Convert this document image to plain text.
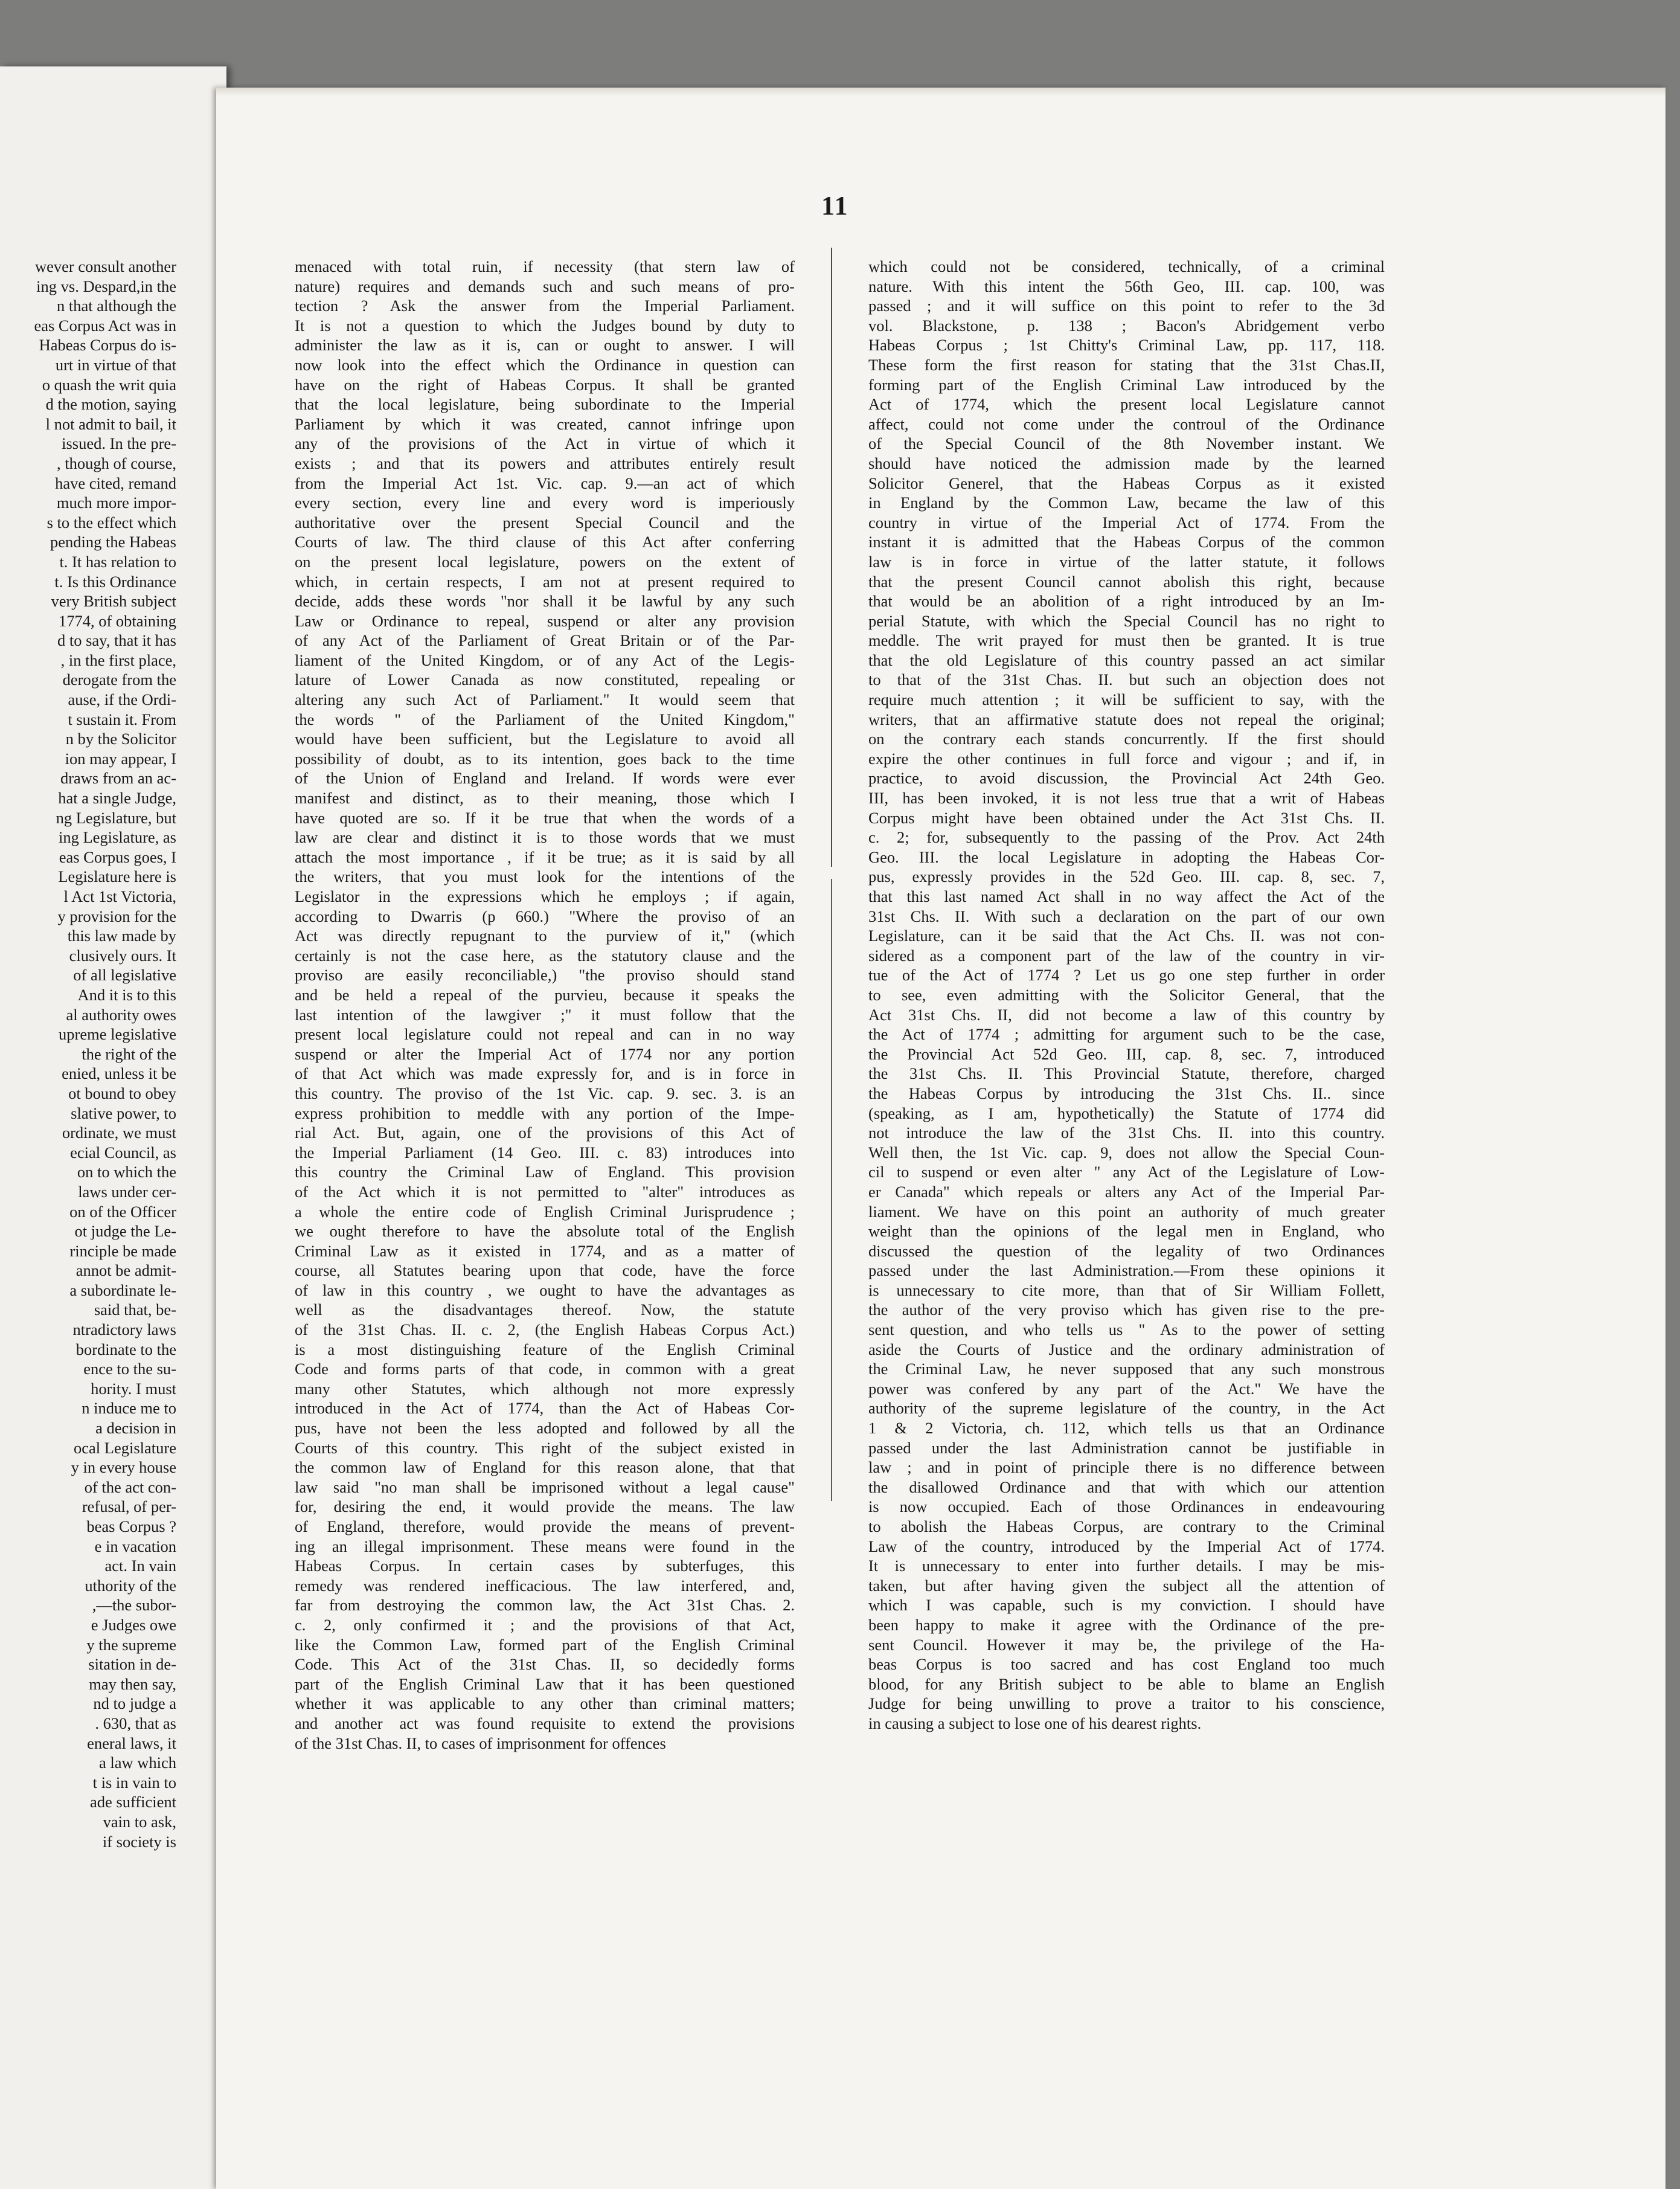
wever consult another
ing vs. Despard,in the
n that although the
eas Corpus Act was in
Habeas Corpus do is-
urt in virtue of that
o quash the writ quia
d the motion, saying
l not admit to bail, it
issued. In the pre-
, though of course,
have cited, remand
much more impor-
s to the effect which
pending the Habeas
t. It has relation to
t. Is this Ordinance
very British subject
1774, of obtaining
d to say, that it has
, in the first place,
derogate from the
ause, if the Ordi-
t sustain it. From
n by the Solicitor
ion may appear, I
draws from an ac-
hat a single Judge,
ng Legislature, but
ing Legislature, as
eas Corpus goes, I
Legislature here is
l Act 1st Victoria,
y provision for the
this law made by
clusively ours. It
of all legislative
And it is to this
al authority owes
upreme legislative
the right of the
enied, unless it be
ot bound to obey
slative power, to
ordinate, we must
ecial Council, as
on to which the
laws under cer-
on of the Officer
ot judge the Le-
rinciple be made
annot be admit-
a subordinate le-
said that, be-
ntradictory laws
bordinate to the
ence to the su-
hority. I must
n induce me to
a decision in
ocal Legislature
y in every house
of the act con-
refusal, of per-
beas Corpus ?
e in vacation
act. In vain
uthority of the
,—the subor-
e Judges owe
y the supreme
sitation in de-
may then say,
nd to judge a
. 630, that as
eneral laws, it
a law which
t is in vain to
ade sufficient
vain to ask,
if society is
11
menaced with total ruin, if necessity (that stern law of
nature) requires and demands such and such means of pro-
tection ? Ask the answer from the Imperial Parliament.
It is not a question to which the Judges bound by duty to
administer the law as it is, can or ought to answer. I will
now look into the effect which the Ordinance in question can
have on the right of Habeas Corpus. It shall be granted
that the local legislature, being subordinate to the Imperial
Parliament by which it was created, cannot infringe upon
any of the provisions of the Act in virtue of which it
exists ; and that its powers and attributes entirely result
from the Imperial Act 1st. Vic. cap. 9.—an act of which
every section, every line and every word is imperiously
authoritative over the present Special Council and the
Courts of law. The third clause of this Act after conferring
on the present local legislature, powers on the extent of
which, in certain respects, I am not at present required to
decide, adds these words "nor shall it be lawful by any such
Law or Ordinance to repeal, suspend or alter any provision
of any Act of the Parliament of Great Britain or of the Par-
liament of the United Kingdom, or of any Act of the Legis-
lature of Lower Canada as now constituted, repealing or
altering any such Act of Parliament." It would seem that
the words " of the Parliament of the United Kingdom,"
would have been sufficient, but the Legislature to avoid all
possibility of doubt, as to its intention, goes back to the time
of the Union of England and Ireland. If words were ever
manifest and distinct, as to their meaning, those which I
have quoted are so. If it be true that when the words of a
law are clear and distinct it is to those words that we must
attach the most importance , if it be true; as it is said by all
the writers, that you must look for the intentions of the
Legislator in the expressions which he employs ; if again,
according to Dwarris (p 660.) "Where the proviso of an
Act was directly repugnant to the purview of it," (which
certainly is not the case here, as the statutory clause and the
proviso are easily reconciliable,) "the proviso should stand
and be held a repeal of the purvieu, because it speaks the
last intention of the lawgiver ;" it must follow that the
present local legislature could not repeal and can in no way
suspend or alter the Imperial Act of 1774 nor any portion
of that Act which was made expressly for, and is in force in
this country. The proviso of the 1st Vic. cap. 9. sec. 3. is an
express prohibition to meddle with any portion of the Impe-
rial Act. But, again, one of the provisions of this Act of
the Imperial Parliament (14 Geo. III. c. 83) introduces into
this country the Criminal Law of England. This provision
of the Act which it is not permitted to "alter" introduces as
a whole the entire code of English Criminal Jurisprudence ;
we ought therefore to have the absolute total of the English
Criminal Law as it existed in 1774, and as a matter of
course, all Statutes bearing upon that code, have the force
of law in this country , we ought to have the advantages as
well as the disadvantages thereof. Now, the statute
of the 31st Chas. II. c. 2, (the English Habeas Corpus Act.)
is a most distinguishing feature of the English Criminal
Code and forms parts of that code, in common with a great
many other Statutes, which although not more expressly
introduced in the Act of 1774, than the Act of Habeas Cor-
pus, have not been the less adopted and followed by all the
Courts of this country. This right of the subject existed in
the common law of England for this reason alone, that that
law said "no man shall be imprisoned without a legal cause"
for, desiring the end, it would provide the means. The law
of England, therefore, would provide the means of prevent-
ing an illegal imprisonment. These means were found in the
Habeas Corpus. In certain cases by subterfuges, this
remedy was rendered inefficacious. The law interfered, and,
far from destroying the common law, the Act 31st Chas. 2.
c. 2, only confirmed it ; and the provisions of that Act,
like the Common Law, formed part of the English Criminal
Code. This Act of the 31st Chas. II, so decidedly forms
part of the English Criminal Law that it has been questioned
whether it was applicable to any other than criminal matters;
and another act was found requisite to extend the provisions
of the 31st Chas. II, to cases of imprisonment for offences
which could not be considered, technically, of a criminal
nature. With this intent the 56th Geo, III. cap. 100, was
passed ; and it will suffice on this point to refer to the 3d
vol. Blackstone, p. 138 ; Bacon's Abridgement verbo
Habeas Corpus ; 1st Chitty's Criminal Law, pp. 117, 118.
These form the first reason for stating that the 31st Chas.II,
forming part of the English Criminal Law introduced by the
Act of 1774, which the present local Legislature cannot
affect, could not come under the controul of the Ordinance
of the Special Council of the 8th November instant. We
should have noticed the admission made by the learned
Solicitor Generel, that the Habeas Corpus as it existed
in England by the Common Law, became the law of this
country in virtue of the Imperial Act of 1774. From the
instant it is admitted that the Habeas Corpus of the common
law is in force in virtue of the latter statute, it follows
that the present Council cannot abolish this right, because
that would be an abolition of a right introduced by an Im-
perial Statute, with which the Special Council has no right to
meddle. The writ prayed for must then be granted. It is true
that the old Legislature of this country passed an act similar
to that of the 31st Chas. II. but such an objection does not
require much attention ; it will be sufficient to say, with the
writers, that an affirmative statute does not repeal the original;
on the contrary each stands concurrently. If the first should
expire the other continues in full force and vigour ; and if, in
practice, to avoid discussion, the Provincial Act 24th Geo.
III, has been invoked, it is not less true that a writ of Habeas
Corpus might have been obtained under the Act 31st Chs. II.
c. 2; for, subsequently to the passing of the Prov. Act 24th
Geo. III. the local Legislature in adopting the Habeas Cor-
pus, expressly provides in the 52d Geo. III. cap. 8, sec. 7,
that this last named Act shall in no way affect the Act of the
31st Chs. II. With such a declaration on the part of our own
Legislature, can it be said that the Act Chs. II. was not con-
sidered as a component part of the law of the country in vir-
tue of the Act of 1774 ? Let us go one step further in order
to see, even admitting with the Solicitor General, that the
Act 31st Chs. II, did not become a law of this country by
the Act of 1774 ; admitting for argument such to be the case,
the Provincial Act 52d Geo. III, cap. 8, sec. 7, introduced
the 31st Chs. II. This Provincial Statute, therefore, charged
the Habeas Corpus by introducing the 31st Chs. II.. since
(speaking, as I am, hypothetically) the Statute of 1774 did
not introduce the law of the 31st Chs. II. into this country.
Well then, the 1st Vic. cap. 9, does not allow the Special Coun-
cil to suspend or even alter " any Act of the Legislature of Low-
er Canada" which repeals or alters any Act of the Imperial Par-
liament. We have on this point an authority of much greater
weight than the opinions of the legal men in England, who
discussed the question of the legality of two Ordinances
passed under the last Administration.—From these opinions it
is unnecessary to cite more, than that of Sir William Follett,
the author of the very proviso which has given rise to the pre-
sent question, and who tells us " As to the power of setting
aside the Courts of Justice and the ordinary administration of
the Criminal Law, he never supposed that any such monstrous
power was confered by any part of the Act." We have the
authority of the supreme legislature of the country, in the Act
1 & 2 Victoria, ch. 112, which tells us that an Ordinance
passed under the last Administration cannot be justifiable in
law ; and in point of principle there is no difference between
the disallowed Ordinance and that with which our attention
is now occupied. Each of those Ordinances in endeavouring
to abolish the Habeas Corpus, are contrary to the Criminal
Law of the country, introduced by the Imperial Act of 1774.
It is unnecessary to enter into further details. I may be mis-
taken, but after having given the subject all the attention of
which I was capable, such is my conviction. I should have
been happy to make it agree with the Ordinance of the pre-
sent Council. However it may be, the privilege of the Ha-
beas Corpus is too sacred and has cost England too much
blood, for any British subject to be able to blame an English
Judge for being unwilling to prove a traitor to his conscience,
in causing a subject to lose one of his dearest rights.
